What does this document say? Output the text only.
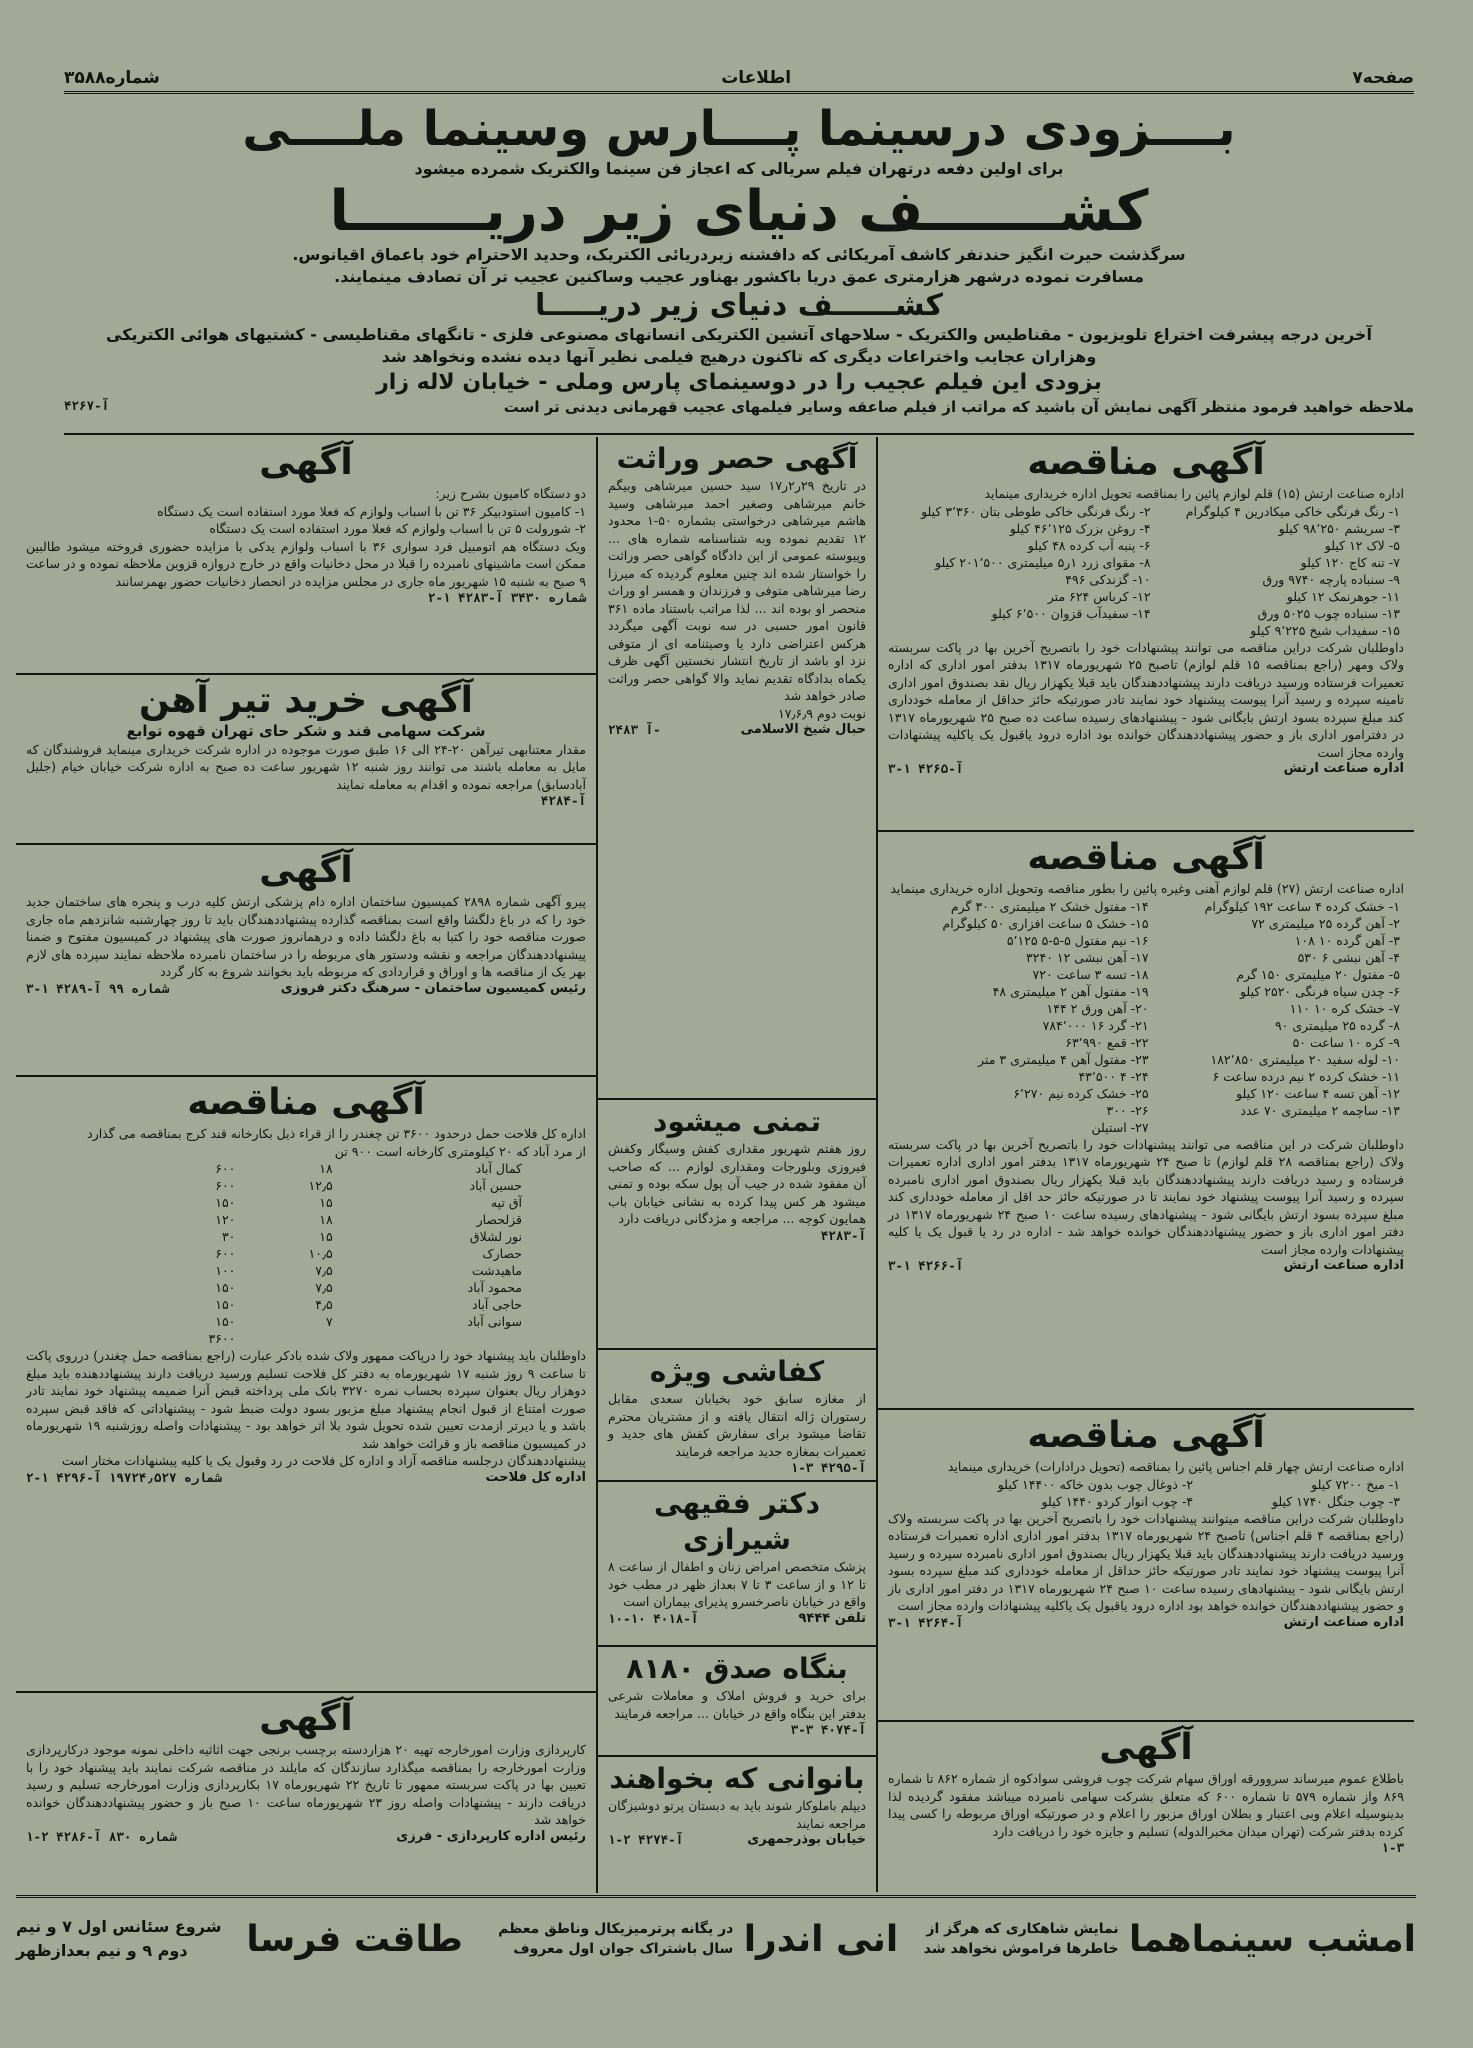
صفحه۷
اطلاعات
شماره۳۵۸۸
بــــزودی درسینما پــــارس وسینما ملــــی
برای اولین دفعه درتهران فیلم سریالی که اعجاز فن سینما والکتریک شمرده میشود
کشـــــــف دنیای زیر دریـــــــا
سرگذشت حیرت انگیز حندنفر کاشف آمریکائی که دافشنه زیردریائی الکتریک، وحدید الاحترام خود باعماق اقیانوس.
مسافرت نموده درشهر هزارمتری عمق دریا باکشور بهناور عجیب وساکنین عجیب تر آن تصادف مینمایند.
کشــــــف دنیای زیر دریـــــا
آخرین درجه پیشرفت اختراع تلویزیون - مقناطیس والکتریک - سلاحهای آتشین الکتریکی انسانهای مصنوعی فلزی - تانگهای مقناطیسی - کشتیهای هوائی الکتریکی
وهزاران عجایب واختراعات دیگری که تاکنون درهیچ فیلمی نظیر آنها دیده نشده ونخواهد شد
بزودی این فیلم عجیب را در دوسینمای پارس وملی - خیابان لاله زار
ملاحظه خواهید فرمود منتظر آگهی نمایش آن باشید که مراتب از فیلم صاعقه وسایر فیلمهای عجیب قهرمانی دیدنی تر است
آ-۴۲۶۷
آگهی مناقصه
اداره صناعت ارتش (۱۵) قلم لوازم پائین را بمناقصه تحویل اداره خریداری مینماید
۱- رنگ فرنگی خاکی میکادرین ۴ کیلوگرام	۲- رنگ فرنگی خاکی طوطی بتان ۳٬۳۶۰ کیلو
۳- سریشم ۹۸٬۲۵۰ کیلو	۴- روغن بزرک ۴۶٬۱۲۵ کیلو
۵- لاک ۱۲ کیلو	۶- پنبه آب کرده ۴۸ کیلو
۷- تنه کاج ۱۲۰ کیلو	۸- مقوای زرد ۱ر۵ میلیمتری ۲۰۱٬۵۰۰ کیلو
۹- سنباده پارچه ۹۷۴۰ ورق	۱۰- گزندکی ۴۹۶
۱۱- جوهرنمک ۱۲ کیلو	۱۲- کرباس ۶۲۴ متر
۱۳- سنباده چوب ۵۰۲۵ ورق	۱۴- سفیدآب قزوان ۶٬۵۰۰ کیلو
۱۵- سفیداب شیخ ۹٬۲۲۵ کیلو	
داوطلبان شرکت دراین مناقصه می توانند پیشنهادات خود را باتصریح آخرین بها در پاکت سربسته ولاک ومهر (راجع بمناقصه ۱۵ قلم لوازم) تاصبح ۲۵ شهریورماه ۱۳۱۷ بدفتر امور اداری که اداره تعمیرات فرستاده ورسید دریافت دارند پیشنهاددهندگان باید قبلا یکهزار ریال نقد بصندوق امور اداری تامینه سپرده و رسید آنرا پیوست پیشنهاد خود نمایند تادر صورتیکه حائز حداقل از معامله خودداری کند مبلغ سپرده بسود ارتش بایگانی شود - پیشنهادهای رسیده ساعت ده صبح ۲۵ شهریورماه ۱۳۱۷ در دفترامور اداری باز و حضور پیشنهاددهندگان خوانده بود اداره درود یاقبول یک یاکلیه پیشنهادات وارده مجاز است
اداره صناعت ارتش
آ-۴۲۶۵ ۱-۳
آگهی مناقصه
اداره صناعت ارتش (۲۷) قلم لوازم آهنی وغیره پائین را بطور مناقصه وتحویل اداره خریداری مینماید
۱- خشک کرده ۴ ساعت ۱۹۲ کیلوگرام	۱۴- مفتول خشک ۲ میلیمتری ۳۰۰ گرم
۲- آهن گرده ۲۵ میلیمتری ۷۲	۱۵- خشک ۵ ساعت افزاری ۵۰ کیلوگرام
۳- آهن گرده ۱۰ ۱۰۸	۱۶- نیم مفتول ۵-۵-۵ ۵٬۱۲۵
۴- آهن نبشی ۶ ۵۳۰	۱۷- آهن نبشی ۱۲ ۳۲۴۰
۵- مفتول ۲۰ میلیمتری ۱۵۰ گرم	۱۸- تسه ۳ ساعت ۷۲۰
۶- چدن سیاه فرنگی ۲۵۲۰ کیلو	۱۹- مفتول آهن ۲ میلیمتری ۴۸
۷- خشک کره ۱۰ ۱۱۰	۲۰- آهن ورق ۲ ۱۴۴
۸- گرده ۲۵ میلیمتری ۹۰	۲۱- گرد ۱۶ ۷۸۴٬۰۰۰
۹- کره ۱۰ ساعت ۵۰	۲۲- قمع ۶۳٬۹۹۰
۱۰- لوله سفید ۲۰ میلیمتری ۱۸۲٬۸۵۰	۲۳- مفتول آهن ۴ میلیمتری ۳ متر
۱۱- خشک کرده ۲ نیم درده ساعت ۶	۲۴- ۴ ۴۳٬۵۰۰
۱۲- آهن تسه ۴ ساعت ۱۲۰ کیلو	۲۵- خشک کرده نیم ۶٬۲۷۰
۱۳- ساچمه ۲ میلیمتری ۷۰ عدد	۲۶- ۳۰۰
	۲۷- استیلن
داوطلبان شرکت در این مناقصه می توانند پیشنهادات خود را باتصریح آخرین بها در پاکت سربسته ولاک (راجع بمناقصه ۲۸ قلم لوازم) تا صبح ۲۴ شهریورماه ۱۳۱۷ بدفتر امور اداری اداره تعمیرات فرستاده و رسید دریافت دارند پیشنهاددهندگان باید قبلا یکهزار ریال بصندوق امور اداری نامبرده سپرده و رسید آنرا پیوست پیشنهاد خود نمایند تا در صورتیکه حائز حد اقل از معامله خودداری کند مبلغ سپرده بسود ارتش بایگانی شود - پیشنهادهای رسیده ساعت ۱۰ صبح ۲۴ شهریورماه ۱۳۱۷ در دفتر امور اداری باز و حضور پیشنهاددهندگان خوانده خواهد شد - اداره در رد یا قبول یک یا کلیه پیشنهادات وارده مجاز است
اداره صناعت ارتش
آ-۴۲۶۶ ۱-۳
آگهی مناقصه
اداره صناعت ارتش چهار قلم اجناس پائین را بمناقصه (تحویل درادارات) خریداری مینماید
۱- میخ ۷۲۰۰ کیلو	۲- ذوغال چوب بدون خاکه ۱۴۴۰۰ کیلو
۳- چوب جنگل ۱۷۴۰ کیلو	۴- چوب انوار کردو ۱۴۴۰ کیلو
داوطلبان شرکت دراین مناقصه میتوانند پیشنهادات خود را باتصریح آخرین بها در پاکت سربسته ولاک (راجع بمناقصه ۴ قلم اجناس) تاصبح ۲۴ شهریورماه ۱۳۱۷ بدفتر امور اداری اداره تعمیرات فرستاده ورسید دریافت دارند پیشنهاددهندگان باید قبلا یکهزار ریال بصندوق امور اداری نامبرده سپرده و رسید آنرا پیوست پیشنهاد خود نمایند تادر صورتیکه حائز حداقل از معامله خودداری کند مبلغ سپرده بسود ارتش بایگانی شود - پیشنهادهای رسیده ساعت ۱۰ صبح ۲۴ شهریورماه ۱۳۱۷ در دفتر امور اداری باز و حضور پیشنهاددهندگان خوانده خواهد بود اداره درود یاقبول یک یاکلیه پیشنهادات وارده مجاز است
اداره صناعت ارتش
آ-۴۲۶۴ ۱-۳
آگهی
باطلاع عموم میرساند سروورقه اوراق سهام شرکت چوب فروشی سوادکوه از شماره ۸۶۲ تا شماره ۸۶۹ واز شماره ۵۷۹ تا شماره ۶۰۰ که متعلق بشرکت سهامی نامبرده میباشد مفقود گردیده لذا بدینوسیله اعلام وبی اعتبار و بطلان اوراق مزبور را اعلام و در صورتیکه اوراق مربوطه را کسی پیدا کرده بدفتر شرکت (تهران میدان مخبرالدوله) تسلیم و جایزه خود را دریافت دارد
۱-۳
آگهی حصر وراثت
در تاریخ ۲۹ر۲ر۱۷ سید حسین میرشاهی وبیگم خانم میرشاهی وصغیر احمد میرشاهی وسید هاشم میرشاهی درخواستی بشماره ۵۰-۱ محدود ۱۲ تقدیم نموده وبه شناسنامه شماره های ... وپیوسته عمومی از این دادگاه گواهی حصر وراثت را خواستار شده اند چنین معلوم گردیده که میرزا رضا میرشاهی متوفی و فرزندان و همسر او وراث منحصر او بوده اند ... لذا مراتب باستناد ماده ۳۶۱ قانون امور حسبی در سه نوبت آگهی میگردد هرکس اعتراضی دارد یا وصیتنامه ای از متوفی نزد او باشد از تاریخ انتشار نخستین آگهی ظرف یکماه بدادگاه تقدیم نماید والا گواهی حصر وراثت صادر خواهد شد
نوبت دوم ۱۷٫۶٫۹
حبال شیخ الاسلامی
۲۴۸۳ آ-
تمنی میشود
روز هفتم شهریور مقداری کفش وسیگار وکفش فیروزی وبلورجات ومقداری لوازم ... که صاحب آن مفقود شده در جیب آن پول سکه بوده و تمنی میشود هر کس پیدا کرده به نشانی خیابان باب همایون کوچه ... مراجعه و مژدگانی دریافت دارد
آ-۴۲۸۳
کفاشی ویژه
از مغازه سابق خود بخیابان سعدی مقابل رستوران ژاله انتقال یافته و از مشتریان محترم تقاضا میشود برای سفارش کفش های جدید و تعمیرات بمغازه جدید مراجعه فرمایند
آ-۴۲۹۵ ۳-۱
دکتر فقیهی شیرازی
پزشک متخصص امراض زنان و اطفال از ساعت ۸ تا ۱۲ و از ساعت ۳ تا ۷ بعداز ظهر در مطب خود واقع در خیابان ناصرخسرو پذیرای بیماران است
تلفن ۹۴۴۴
آ-۴۰۱۸ ۱۰-۱۰
بنگاه صدق ۸۱۸۰
برای خرید و فروش املاک و معاملات شرعی بدفتر این بنگاه واقع در خیابان ... مراجعه فرمایند
آ-۴۰۷۴ ۳-۳
بانوانی که بخواهند
دیپلم باملوکار شوند باید به دبستان پرتو دوشیزگان مراجعه نمایند
خیابان بوذرجمهری
آ-۴۲۷۴ ۲-۱
آگهی
دو دستگاه کامیون بشرح زیر:
۱- کامیون استودبیکر ۳۶ تن با اسباب ولوازم که فعلا مورد استفاده است یک دستگاه
۲- شورولت ۵ تن با اسباب ولوازم که فعلا مورد استفاده است یک دستگاه
ویک دستگاه هم اتومبیل فرد سواری ۳۶ با اسباب ولوازم یدکی با مزایده حضوری فروخته میشود طالبین ممکن است ماشینهای نامبرده را قبلا در محل دخانیات واقع در خارج دروازه قزوین ملاحظه نموده و در ساعت ۹ صبح به شنبه ۱۵ شهریور ماه جاری در مجلس مزایده در انحصار دخانیات حضور بهمرسانند
شماره ۳۴۳۰ آ-۴۲۸۳ ۱-۲
آگهی خرید تیر آهن
شرکت سهامی قند و شکر حای تهران قهوه توابع
مقدار معتنابهی تیرآهن ۲۰-۲۴ الی ۱۶ طبق صورت موجوده در اداره شرکت خریداری مینماید فروشندگان که مایل به معامله باشند می توانند روز شنبه ۱۲ شهریور ساعت ده صبح به اداره شرکت خیابان خیام (جلیل آبادسابق) مراجعه نموده و اقدام به معامله نمایند
آ-۴۲۸۴
آگهی
پیرو آگهی شماره ۲۸۹۸ کمیسیون ساختمان اداره دام پزشکی ارتش کلیه درب و پنجره های ساختمان جدید خود را که در باغ دلگشا واقع است بمناقصه گذارده پیشنهاددهندگان باید تا روز چهارشنبه شانزدهم ماه جاری صورت مناقصه خود را کتبا به باغ دلگشا داده و درهمانروز صورت های پیشنهاد در کمیسیون مفتوح و ضمنا پیشنهاددهندگان مراجعه و نقشه ودستور های مربوطه را در ساختمان نامبرده ملاحظه نمایند سپرده های لازم بهر یک از مناقصه ها و اوراق و قراردادی که مربوطه باید بخوانند شروع به کار گردد
رئیس کمیسیون ساختمان - سرهنگ دکتر فروزی
شماره ۹۹ آ-۴۲۸۹ ۱-۳
آگهی مناقصه
اداره کل فلاحت حمل درحدود ۳۶۰۰ تن چغندر را از قراء ذیل بکارخانه قند کرج بمناقصه می گذارد
از مرد آباد که ۲۰ کیلومتری کارخانه است ۹۰۰ تن
کمال آباد	۱۸	۶۰۰
حسین آباد	۱۲٫۵	۶۰۰
آق تپه	۱۵	۱۵۰
قزلحصار	۱۸	۱۲۰
نور لشلاق	۱۵	۳۰
حصارک	۱۰٫۵	۶۰۰
ماهیدشت	۷٫۵	۱۰۰
محمود آباد	۷٫۵	۱۵۰
حاجی آباد	۴٫۵	۱۵۰
سوانی آباد	۷	۱۵۰
		۳۶۰۰
داوطلبان باید پیشنهاد خود را درپاکت ممهور ولاک شده بادکر عبارت (راجع بمناقصه حمل چغندر) درروی پاکت تا ساعت ۹ روز شنبه ۱۷ شهریورماه به دفتر کل فلاحت تسلیم ورسید دریافت دارند پیشنهاددهنده باید مبلغ دوهزار ریال بعنوان سپرده بحساب نمره ۳۲۷۰ بانک ملی پرداخته قبض آنرا ضمیمه پیشنهاد خود نمایند تادر صورت امتناع از قبول انجام پیشنهاد مبلغ مزبور بسود دولت ضبط شود - پیشنهاداتی که فاقد قبض سپرده باشد و یا دیرتر ازمدت تعیین شده تحویل شود بلا اثر خواهد بود - پیشنهادات واصله روزشنبه ۱۹ شهریورماه در کمیسیون مناقصه باز و قرائت خواهد شد
پیشنهاددهندگان درجلسه مناقصه آزاد و اداره کل فلاحت در رد وقبول یک یا کلیه پیشنهادات مختار است
اداره کل فلاحت
شماره ۱۹۷۲۴٫۵۲۷ آ-۴۲۹۶ ۱-۲
آگهی
کارپردازی وزارت امورخارجه تهیه ۲۰ هزاردسته برچسب برنجی جهت اثاثیه داخلی نمونه موجود درکارپردازی وزارت امورخارجه را بمناقصه میگذارد سازندگان که مایلند در مناقصه شرکت نمایند باید پیشنهاد خود را با تعیین بها در پاکت سربسته ممهور تا تاریخ ۲۲ شهریورماه ۱۷ بکارپردازی وزارت امورخارجه تسلیم و رسید دریافت دارند - پیشنهادات واصله روز ۲۳ شهریورماه ساعت ۱۰ صبح باز و حضور پیشنهاددهندگان خوانده خواهد شد
رئیس اداره کارپردازی - فرزی
شماره ۸۳۰ آ-۴۲۸۶ ۲-۱
امشب سینماهما
نمایش شاهکاری که هرگز از خاطرها فراموش نخواهد شد
انی اندرا
در یگانه پرترمیزیکال وناطق معظم سال باشتراک جوان اول معروف
طاقت فرسا
شروع سئانس اول ۷ و نیم دوم ۹ و نیم بعدازظهر
